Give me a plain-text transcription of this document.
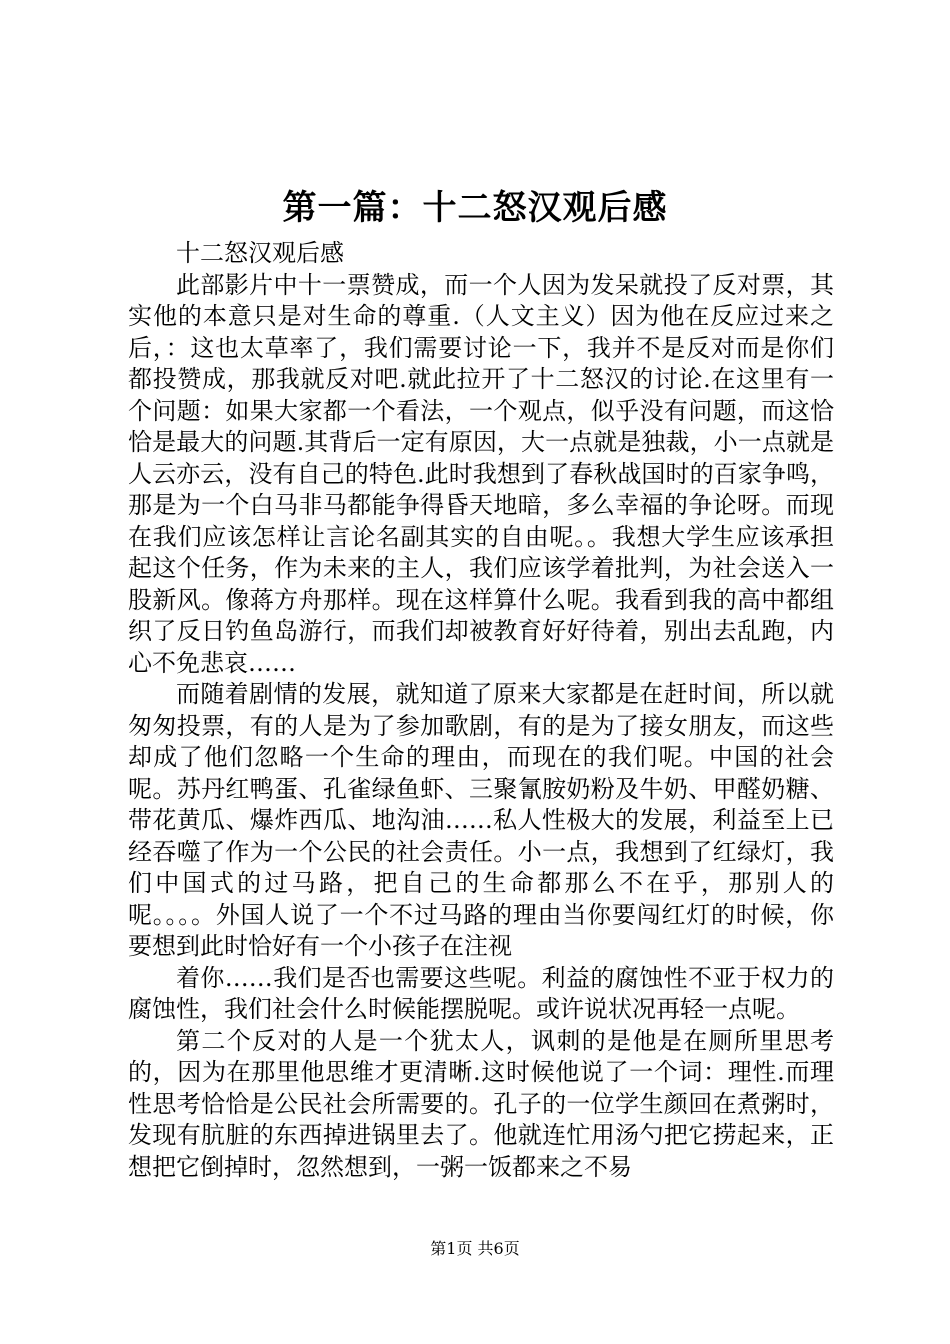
第一篇：十二怒汉观后感

十二怒汉观后感

此部影片中十一票赞成，而一个人因为发呆就投了反对票，其实他的本意只是对生命的尊重.（人文主义）因为他在反应过来之后，：这也太草率了，我们需要讨论一下，我并不是反对而是你们都投赞成，那我就反对吧.就此拉开了十二怒汉的讨论.在这里有一个问题：如果大家都一个看法，一个观点，似乎没有问题，而这恰恰是最大的问题.其背后一定有原因，大一点就是独裁，小一点就是人云亦云，没有自己的特色.此时我想到了春秋战国时的百家争鸣，那是为一个白马非马都能争得昏天地暗，多么幸福的争论呀。而现在我们应该怎样让言论名副其实的自由呢。。我想大学生应该承担起这个任务，作为未来的主人，我们应该学着批判，为社会送入一股新风。像蒋方舟那样。现在这样算什么呢。我看到我的高中都组织了反日钓鱼岛游行，而我们却被教育好好待着，别出去乱跑，内心不免悲哀……

而随着剧情的发展，就知道了原来大家都是在赶时间，所以就匆匆投票，有的人是为了参加歌剧，有的是为了接女朋友，而这些却成了他们忽略一个生命的理由，而现在的我们呢。中国的社会呢。苏丹红鸭蛋、孔雀绿鱼虾、三聚氰胺奶粉及牛奶、甲醛奶糖、带花黄瓜、爆炸西瓜、地沟油……私人性极大的发展，利益至上已经吞噬了作为一个公民的社会责任。小一点，我想到了红绿灯，我们中国式的过马路，把自己的生命都那么不在乎，那别人的呢。。。。外国人说了一个不过马路的理由当你要闯红灯的时候，你要想到此时恰好有一个小孩子在注视

着你……我们是否也需要这些呢。利益的腐蚀性不亚于权力的腐蚀性，我们社会什么时候能摆脱呢。或许说状况再轻一点呢。

第二个反对的人是一个犹太人，讽刺的是他是在厕所里思考的，因为在那里他思维才更清晰.这时候他说了一个词：理性.而理性思考恰恰是公民社会所需要的。孔子的一位学生颜回在煮粥时，发现有肮脏的东西掉进锅里去了。他就连忙用汤勺把它捞起来，正想把它倒掉时，忽然想到，一粥一饭都来之不易

第1页 共6页
